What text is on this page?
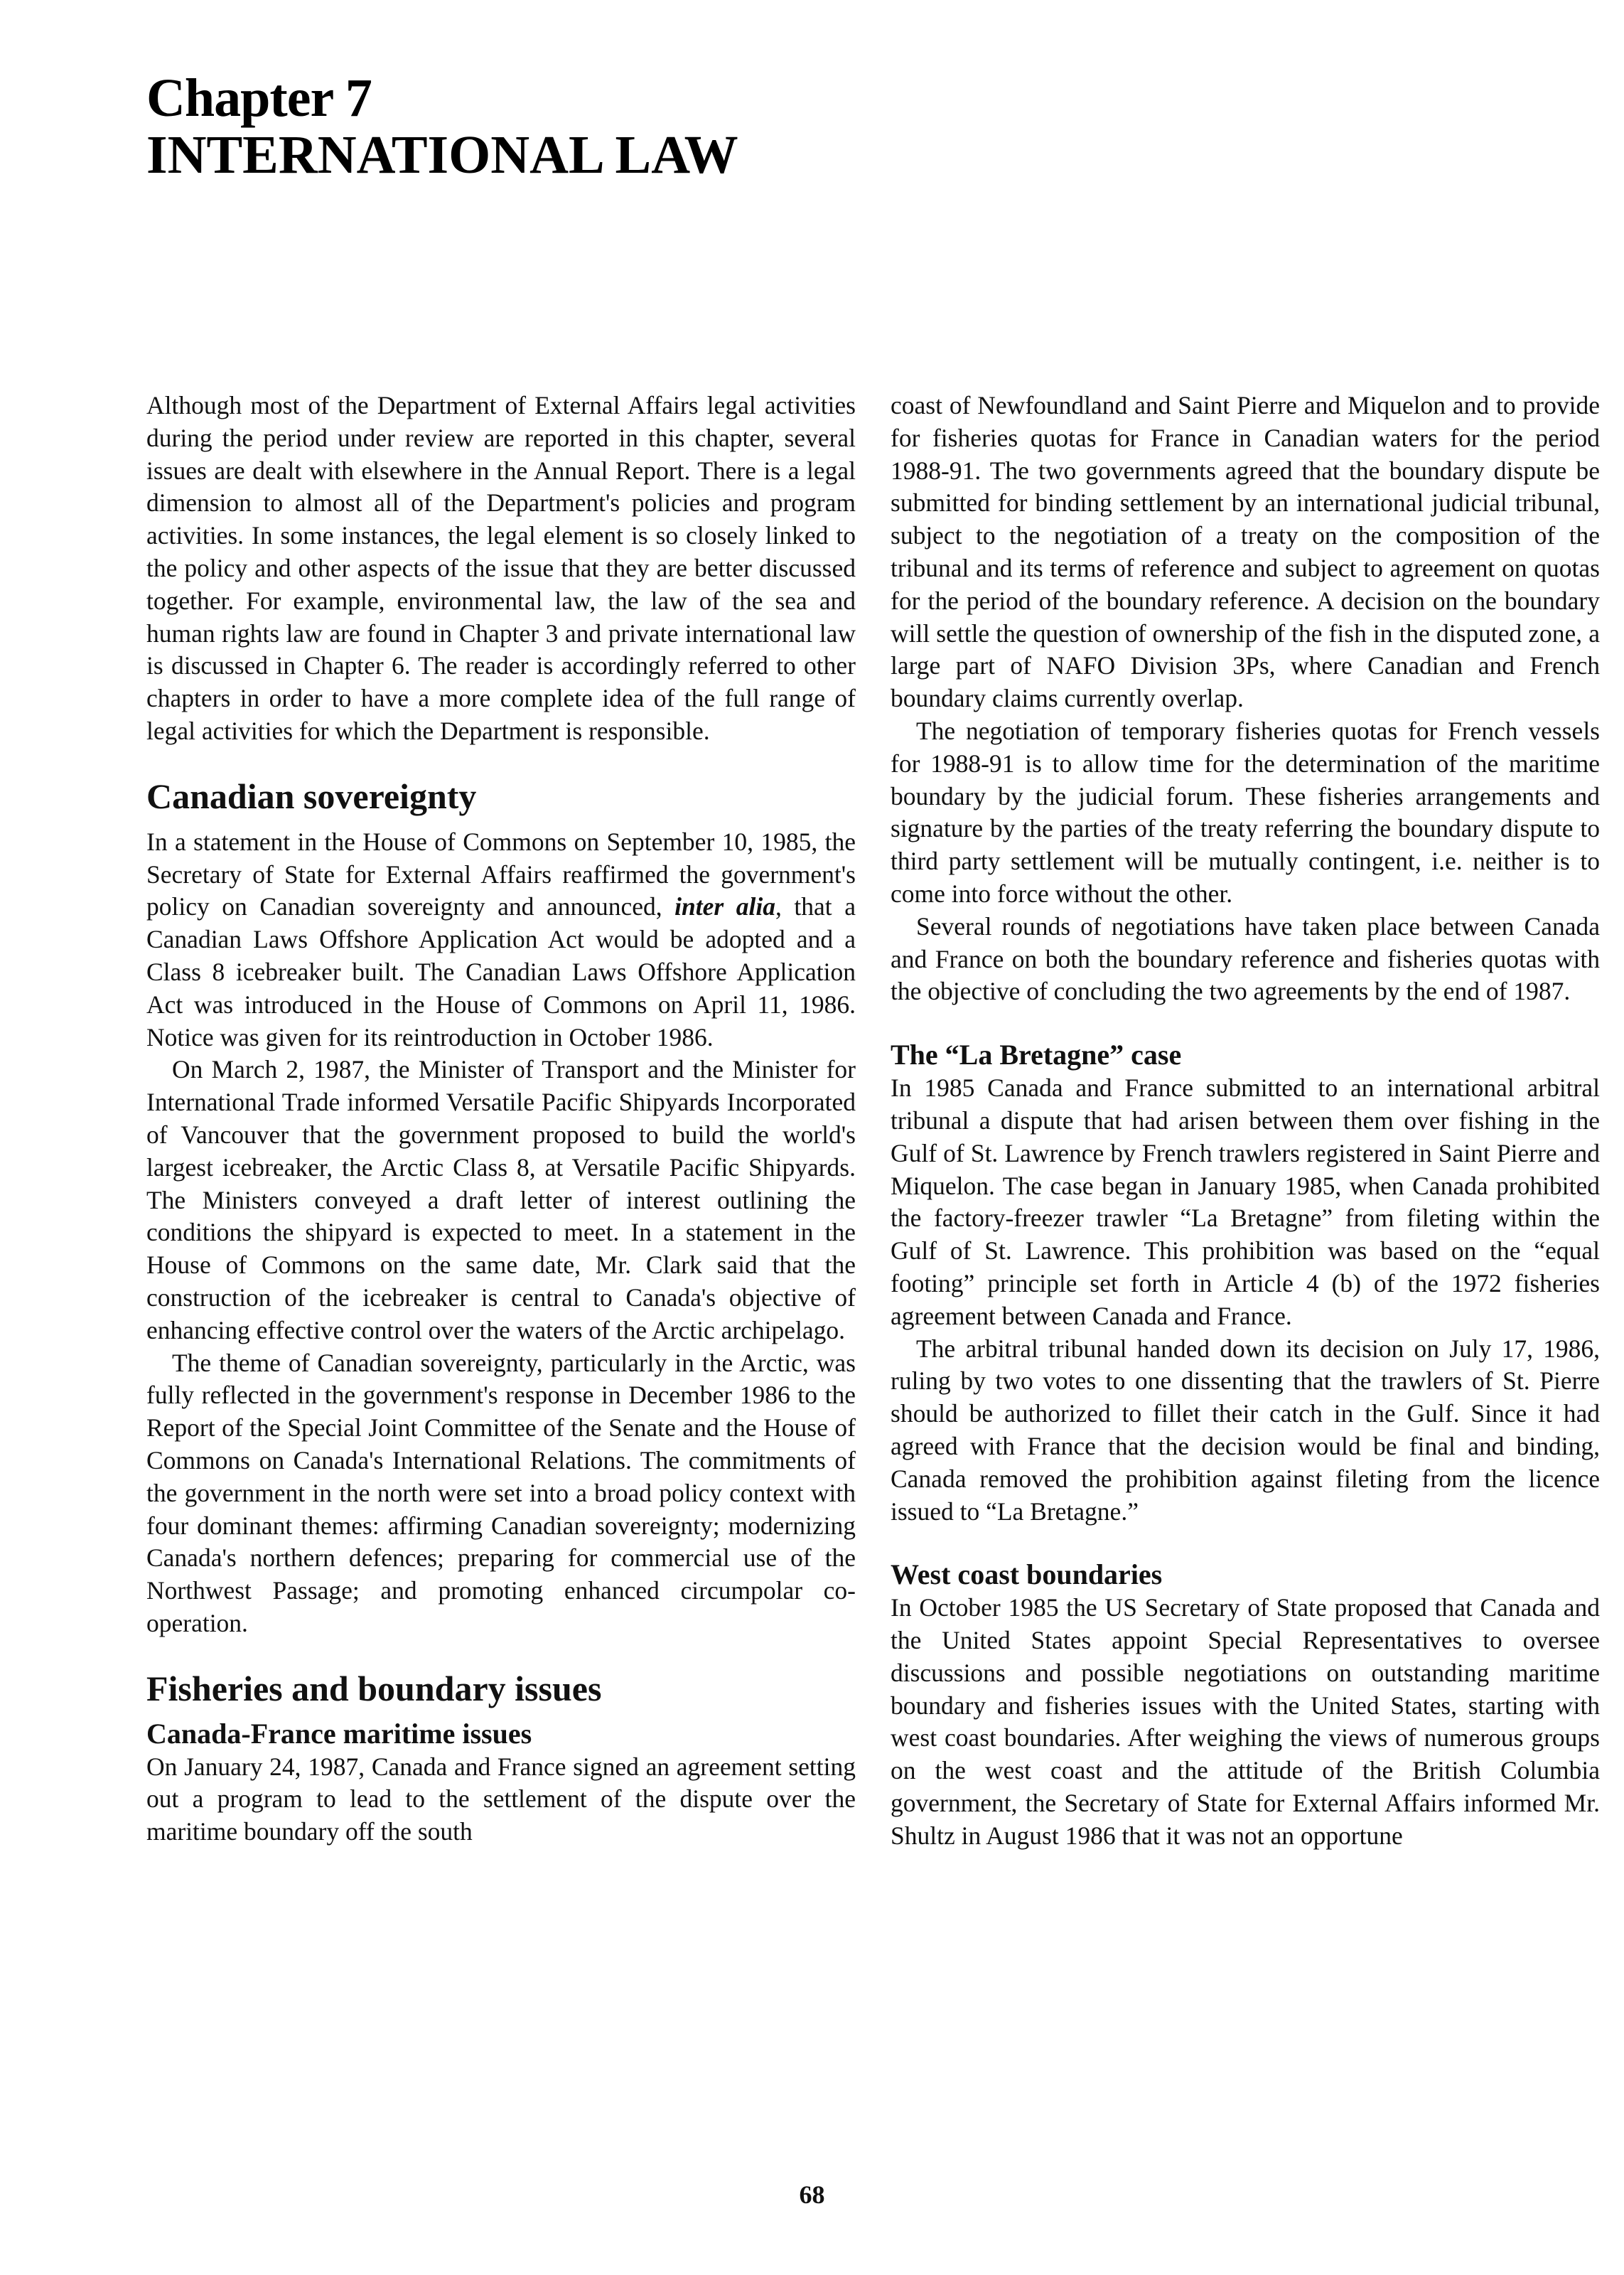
Chapter 7
INTERNATIONAL LAW

Although most of the Department of External Affairs legal activities during the period under review are reported in this chapter, several issues are dealt with elsewhere in the Annual Report. There is a legal dimension to almost all of the Department's policies and program activities. In some instances, the legal element is so closely linked to the policy and other aspects of the issue that they are better discussed together. For example, environmental law, the law of the sea and human rights law are found in Chapter 3 and private international law is discussed in Chapter 6. The reader is accordingly referred to other chapters in order to have a more complete idea of the full range of legal activities for which the Department is responsible.

Canadian sovereignty

In a statement in the House of Commons on September 10, 1985, the Secretary of State for External Affairs reaffirmed the government's policy on Canadian sovereignty and announced, inter alia, that a Canadian Laws Offshore Application Act would be adopted and a Class 8 icebreaker built. The Canadian Laws Offshore Application Act was introduced in the House of Commons on April 11, 1986. Notice was given for its reintroduction in October 1986.

On March 2, 1987, the Minister of Transport and the Minister for International Trade informed Versatile Pacific Shipyards Incorporated of Vancouver that the government proposed to build the world's largest icebreaker, the Arctic Class 8, at Versatile Pacific Shipyards. The Ministers conveyed a draft letter of interest outlining the conditions the shipyard is expected to meet. In a statement in the House of Commons on the same date, Mr. Clark said that the construction of the icebreaker is central to Canada's objective of enhancing effective control over the waters of the Arctic archipelago.

The theme of Canadian sovereignty, particularly in the Arctic, was fully reflected in the government's response in December 1986 to the Report of the Special Joint Committee of the Senate and the House of Commons on Canada's International Relations. The commitments of the government in the north were set into a broad policy context with four dominant themes: affirming Canadian sovereignty; modernizing Canada's northern defences; preparing for commercial use of the Northwest Passage; and promoting enhanced circumpolar co-operation.

Fisheries and boundary issues
Canada-France maritime issues

On January 24, 1987, Canada and France signed an agreement setting out a program to lead to the settlement of the dispute over the maritime boundary off the south

coast of Newfoundland and Saint Pierre and Miquelon and to provide for fisheries quotas for France in Canadian waters for the period 1988-91. The two governments agreed that the boundary dispute be submitted for binding settlement by an international judicial tribunal, subject to the negotiation of a treaty on the composition of the tribunal and its terms of reference and subject to agreement on quotas for the period of the boundary reference. A decision on the boundary will settle the question of ownership of the fish in the disputed zone, a large part of NAFO Division 3Ps, where Canadian and French boundary claims currently overlap.

The negotiation of temporary fisheries quotas for French vessels for 1988-91 is to allow time for the determination of the maritime boundary by the judicial forum. These fisheries arrangements and signature by the parties of the treaty referring the boundary dispute to third party settlement will be mutually contingent, i.e. neither is to come into force without the other.

Several rounds of negotiations have taken place between Canada and France on both the boundary reference and fisheries quotas with the objective of concluding the two agreements by the end of 1987.

The “La Bretagne” case

In 1985 Canada and France submitted to an international arbitral tribunal a dispute that had arisen between them over fishing in the Gulf of St. Lawrence by French trawlers registered in Saint Pierre and Miquelon. The case began in January 1985, when Canada prohibited the factory-freezer trawler “La Bretagne” from fileting within the Gulf of St. Lawrence. This prohibition was based on the “equal footing” principle set forth in Article 4 (b) of the 1972 fisheries agreement between Canada and France.

The arbitral tribunal handed down its decision on July 17, 1986, ruling by two votes to one dissenting that the trawlers of St. Pierre should be authorized to fillet their catch in the Gulf. Since it had agreed with France that the decision would be final and binding, Canada removed the prohibition against fileting from the licence issued to “La Bretagne.”

West coast boundaries

In October 1985 the US Secretary of State proposed that Canada and the United States appoint Special Representatives to oversee discussions and possible negotiations on outstanding maritime boundary and fisheries issues with the United States, starting with west coast boundaries. After weighing the views of numerous groups on the west coast and the attitude of the British Columbia government, the Secretary of State for External Affairs informed Mr. Shultz in August 1986 that it was not an opportune

68
